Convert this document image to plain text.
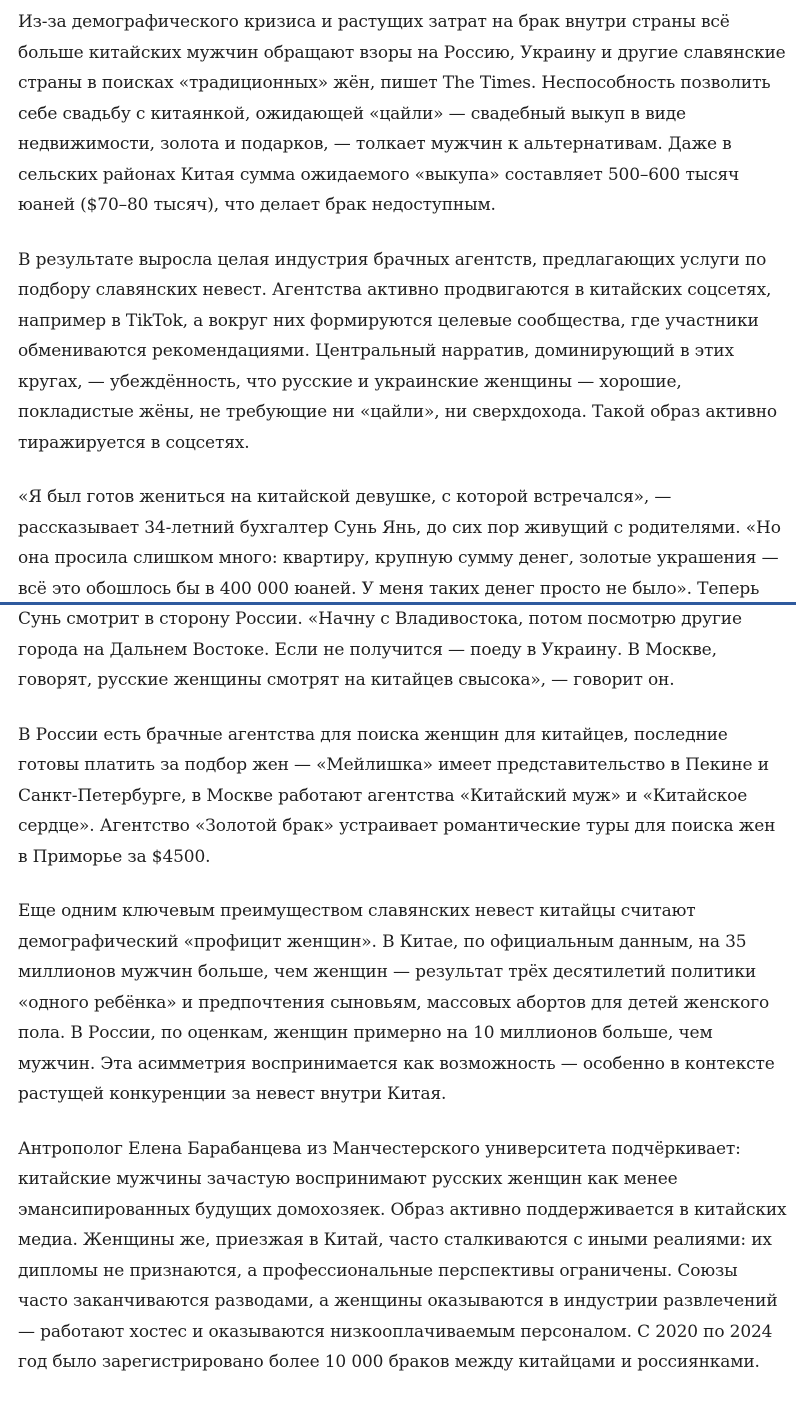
Из-за демографического кризиса и растущих затрат на брак внутри страны всё больше китайских мужчин обращают взоры на Россию, Украину и другие славянские страны в поисках «традиционных» жён, пишет The Times. Неспособность позволить себе свадьбу с китаянкой, ожидающей «цайли» — свадебный выкуп в виде недвижимости, золота и подарков, — толкает мужчин к альтернативам. Даже в сельских районах Китая сумма ожидаемого «выкупа» составляет 500–600 тысяч юаней ($70–80 тысяч), что делает брак недоступным.

В результате выросла целая индустрия брачных агентств, предлагающих услуги по подбору славянских невест. Агентства активно продвигаются в китайских соцсетях, например в TikTok, а вокруг них формируются целевые сообщества, где участники обмениваются рекомендациями. Центральный нарратив, доминирующий в этих кругах, — убеждённость, что русские и украинские женщины — хорошие, покладистые жёны, не требующие ни «цайли», ни сверхдохода. Такой образ активно тиражируется в соцсетях.

«Я был готов жениться на китайской девушке, с которой встречался», — рассказывает 34-летний бухгалтер Сунь Янь, до сих пор живущий с родителями. «Но она просила слишком много: квартиру, крупную сумму денег, золотые украшения — всё это обошлось бы в 400 000 юаней. У меня таких денег просто не было». Теперь Сунь смотрит в сторону России. «Начну с Владивостока, потом посмотрю другие города на Дальнем Востоке. Если не получится — поеду в Украину. В Москве, говорят, русские женщины смотрят на китайцев свысока», — говорит он.

В России есть брачные агентства для поиска женщин для китайцев, последние готовы платить за подбор жен — «Мейлишка» имеет представительство в Пекине и Санкт-Петербурге, в Москве работают агентства «Китайский муж» и «Китайское сердце». Агентство «Золотой брак» устраивает романтические туры для поиска жен в Приморье за $4500.

Еще одним ключевым преимуществом славянских невест китайцы считают демографический «профицит женщин». В Китае, по официальным данным, на 35 миллионов мужчин больше, чем женщин — результат трёх десятилетий политики «одного ребёнка» и предпочтения сыновьям, массовых абортов для детей женского пола. В России, по оценкам, женщин примерно на 10 миллионов больше, чем мужчин. Эта асимметрия воспринимается как возможность — особенно в контексте растущей конкуренции за невест внутри Китая.

Антрополог Елена Барабанцева из Манчестерского университета подчёркивает: китайские мужчины зачастую воспринимают русских женщин как менее эмансипированных будущих домохозяек. Образ активно поддерживается в китайских медиа. Женщины же, приезжая в Китай, часто сталкиваются с иными реалиями: их дипломы не признаются, а профессиональные перспективы ограничены. Союзы часто заканчиваются разводами, а женщины оказываются в индустрии развлечений — работают хостес и оказываются низкооплачиваемым персоналом. С 2020 по 2024 год было зарегистрировано более 10 000 браков между китайцами и россиянками.
